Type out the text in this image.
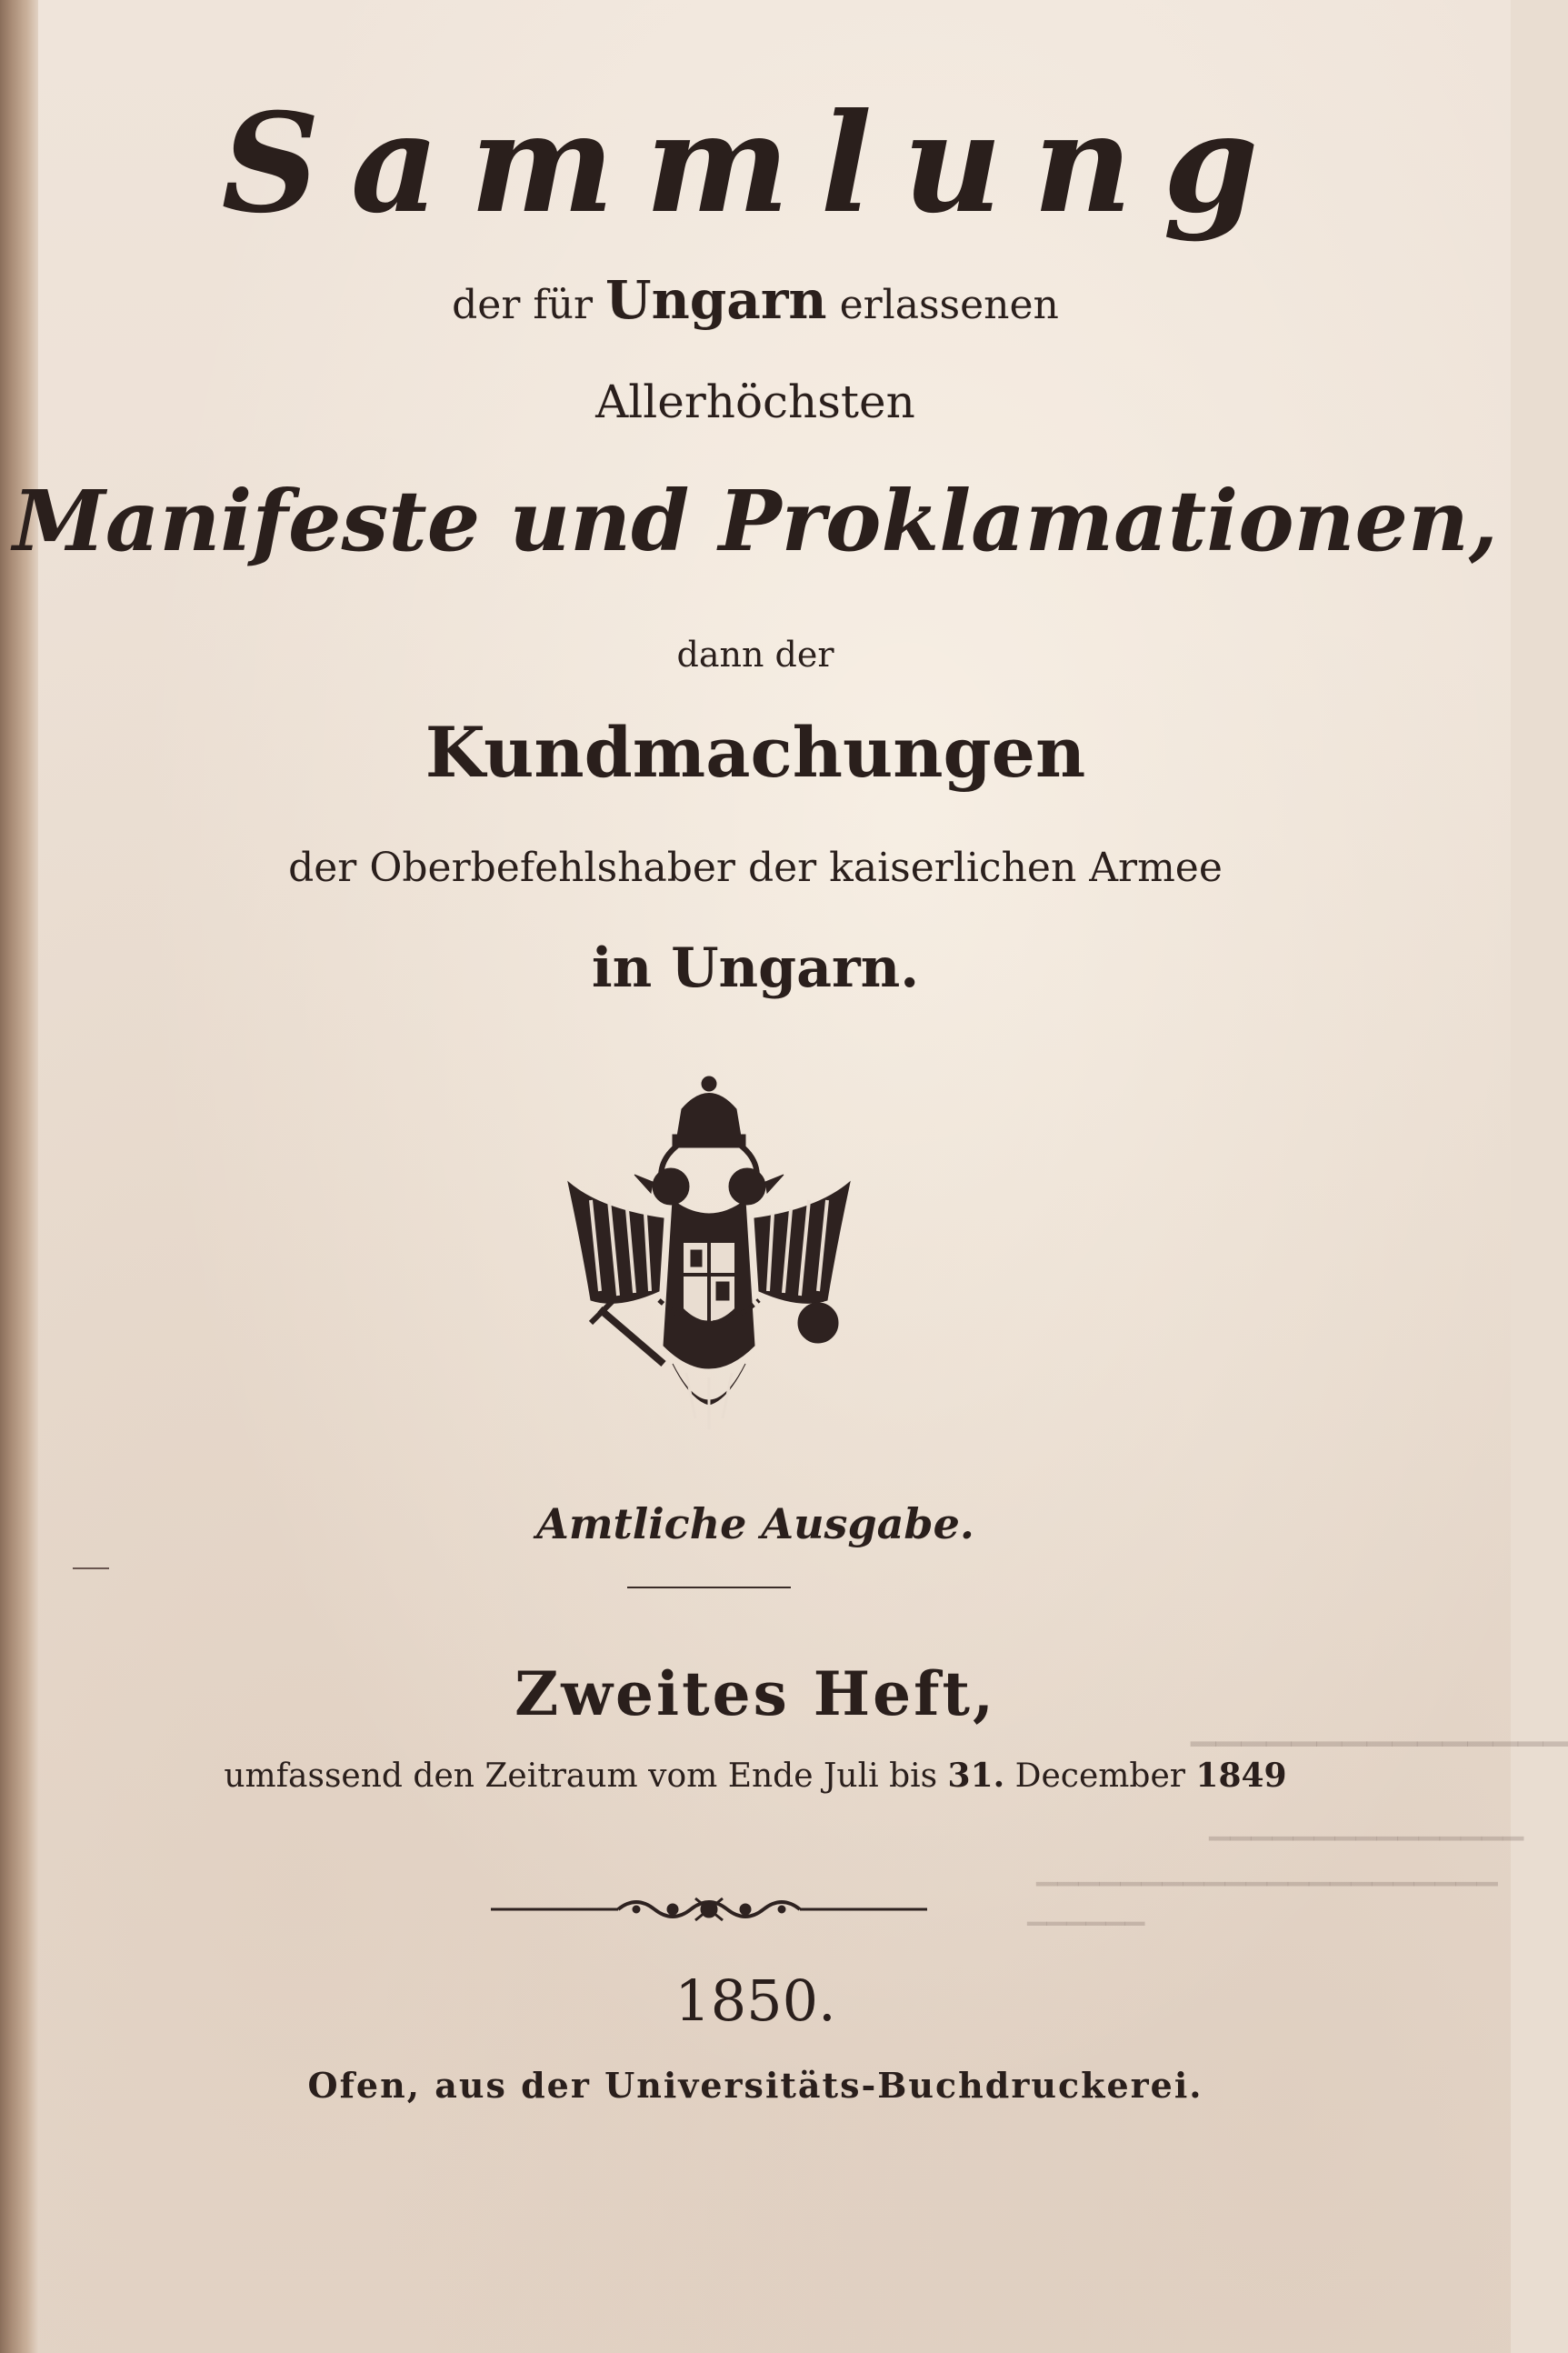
▁▁▁▁▁▁▁▁▁▁▁▁▁▁▁
▁▁▁▁▁▁▁▁▁▁▁▁▁▁▁
▁▁▁▁▁▁▁▁▁▁▁▁▁▁▁▁▁▁▁▁▁▁
▁▁▁▁▁▁
Sammlung
der für Ungarn erlassenen
Allerhöchsten
Manifeste und Proklamationen,
dann der
Kundmachungen
der Oberbefehlshaber der kaiserlichen Armee
in Ungarn.
Amtliche Ausgabe.
Zweites Heft,
umfassend den Zeitraum vom Ende Juli bis 31. December 1849
1850.
Ofen, aus der Universitäts-Buchdruckerei.
